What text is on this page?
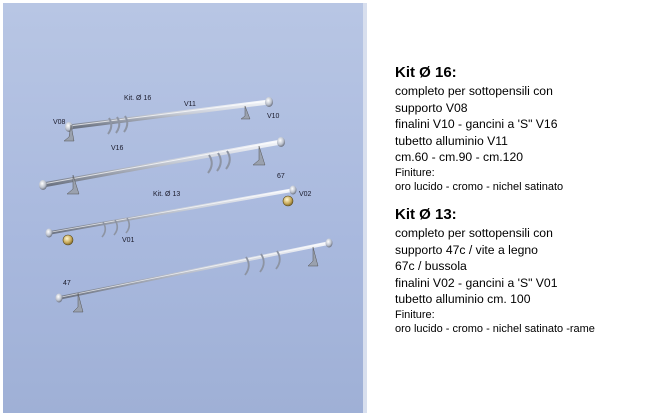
Kit. Ø 16
V11
V08
V10
V16
67
Kit. Ø 13	V02
V01
47
Kit Ø 16:
completo per sottopensili con
supporto V08
finalini V10 - gancini a 'S" V16
tubetto alluminio V11
cm.60 - cm.90 - cm.120
Finiture:
oro lucido - cromo - nichel satinato
Kit Ø 13:
completo per sottopensili con
supporto 47c / vite a legno
67c / bussola
finalini V02 - gancini a 'S" V01
tubetto alluminio cm. 100
Finiture:
oro lucido - cromo - nichel satinato -rame
